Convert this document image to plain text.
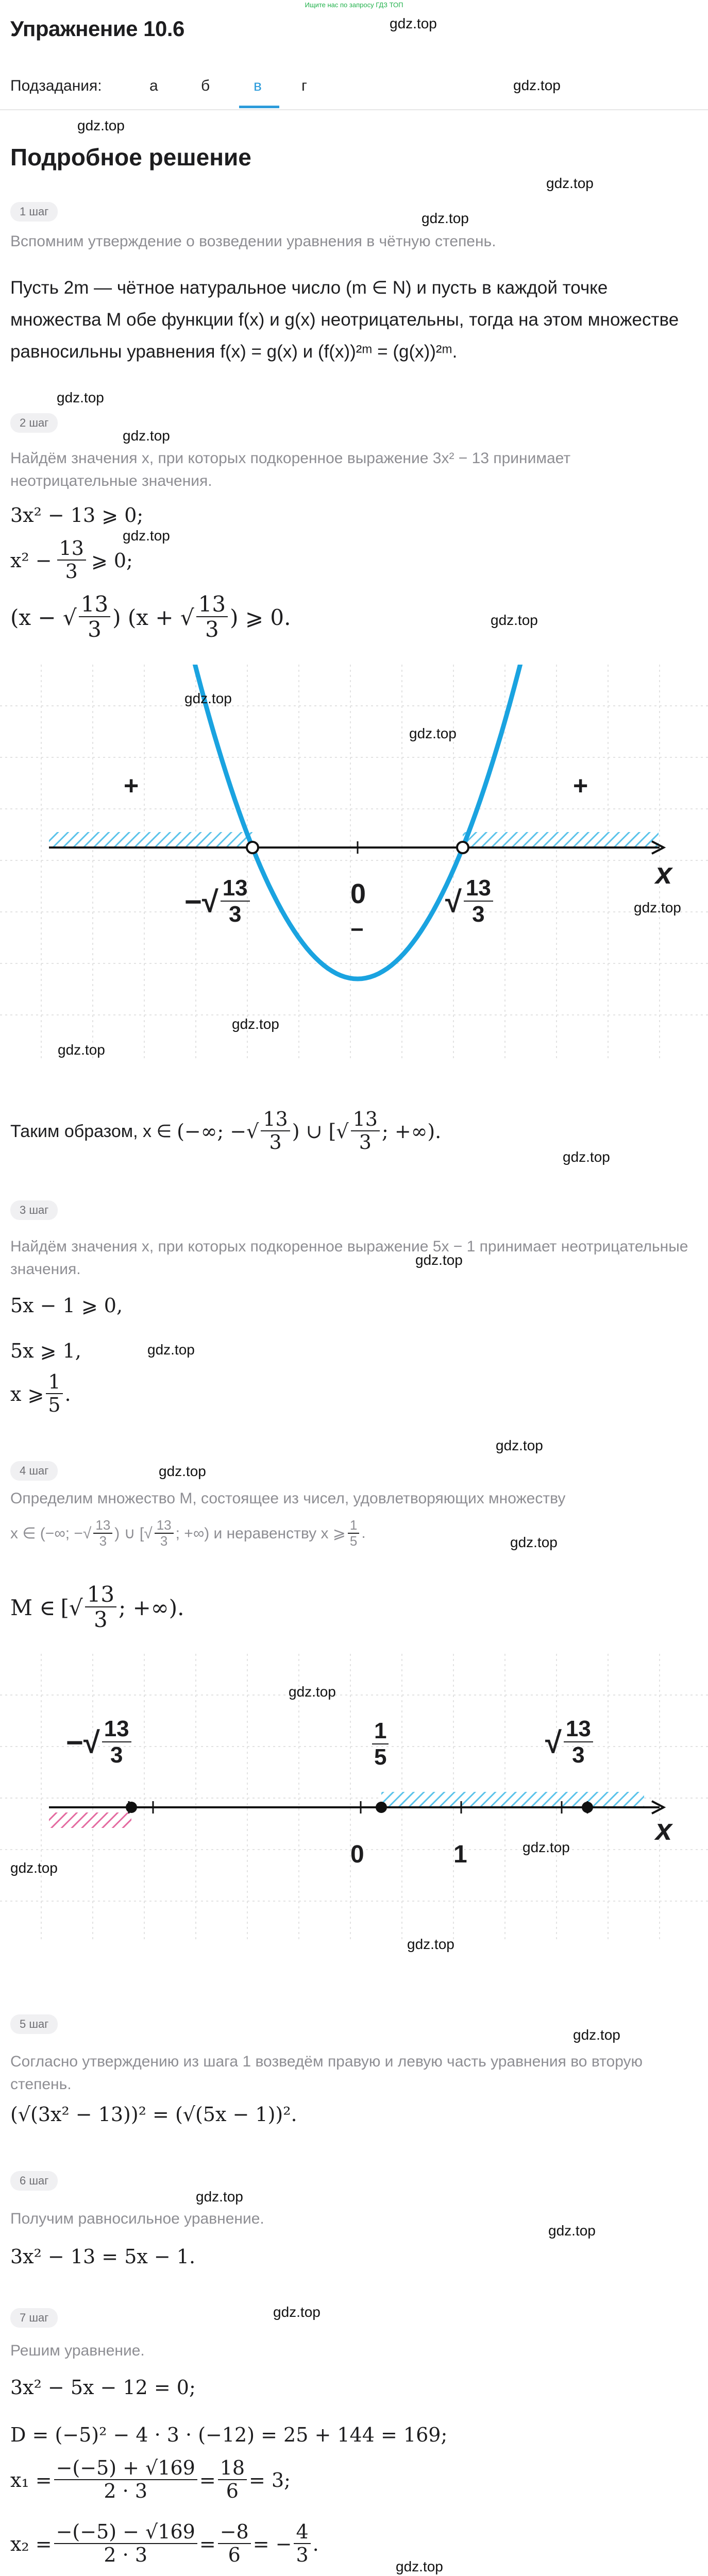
Ищите нас по запросу ГДЗ ТОП
Упражнение 10.6	gdz.top
Подзадания:	а	б	в	г	gdz.top
gdz.top
Подробное решение
gdz.top
1 шаг	gdz.top
Вспомним утверждение о возведении уравнения в чётную степень.
Пусть 2m — чётное натуральное число (m ∈ N) и пусть в каждой точке множества M обе функции f(x) и g(x) неотрицательны, тогда на этом множестве равносильны уравнения f(x) = g(x) и (f(x))²ᵐ = (g(x))²ᵐ.
gdz.top
2 шаг
gdz.top
Найдём значения x, при которых подкоренное выражение 3x² − 13 принимает неотрицательные значения.
3x² − 13 ⩾ 0;
gdz.top
$x^2 - \frac{13}{3}$ ⩾ 0;
(x − √ $\frac{13}{3}$ ) (x + √ $\frac{13}{3}$ ) ⩾ 0.	gdz.top
gdz.top
gdz.top
+	+
x
gdz.top
−√ $\frac{13}{3}$	0
−
√ $\frac{13}{3}$
gdz.top
gdz.top
Таким образом, x ∈ (−∞; −√ $\frac{13}{3}$ ) ∪ [√ $\frac{13}{3}$ ; +∞).
gdz.top
3 шаг
Найдём значения x, при которых подкоренное выражение 5x − 1 принимает неотрицательные значения.
gdz.top
5x − 1 ⩾ 0,
5x ⩾ 1,	gdz.top
x ⩾ $\frac{1}{5}$ .
gdz.top
4 шаг	gdz.top
Определим множество M, состоящее из чисел, удовлетворяющих множеству
x ∈ (−∞; −√ $\frac{13}{3}$ ) ∪ [√ $\frac{13}{3}$ ; +∞) и неравенству x ⩾ $\frac{1}{5}$ .
gdz.top
M ∈ [√ $\frac{13}{3}$ ; +∞).
gdz.top
−√ $\frac{13}{3}$	$\frac{1}{5}$	√ $\frac{13}{3}$
x
0	1	gdz.top
gdz.top
gdz.top
5 шаг
gdz.top
Согласно утверждению из шага 1 возведём правую и левую часть уравнения во вторую степень.
(√(3x² − 13))² = (√(5x − 1))².
6 шаг
gdz.top
Получим равносильное уравнение.
3x² − 13 = 5x − 1.
gdz.top
7 шаг	gdz.top
Решим уравнение.
3x² − 5x − 12 = 0;
D = (−5)² − 4 · 3 · (−12) = 25 + 144 = 169;
$x_1 = \frac{-(-5) + √169}{2 \cdot 3} = \frac{18}{6} = 3$;
$x_2 = \frac{-(-5) - √169}{2 \cdot 3} = \frac{-8}{6}$ = − $\frac{4}{3}$ .
gdz.top
